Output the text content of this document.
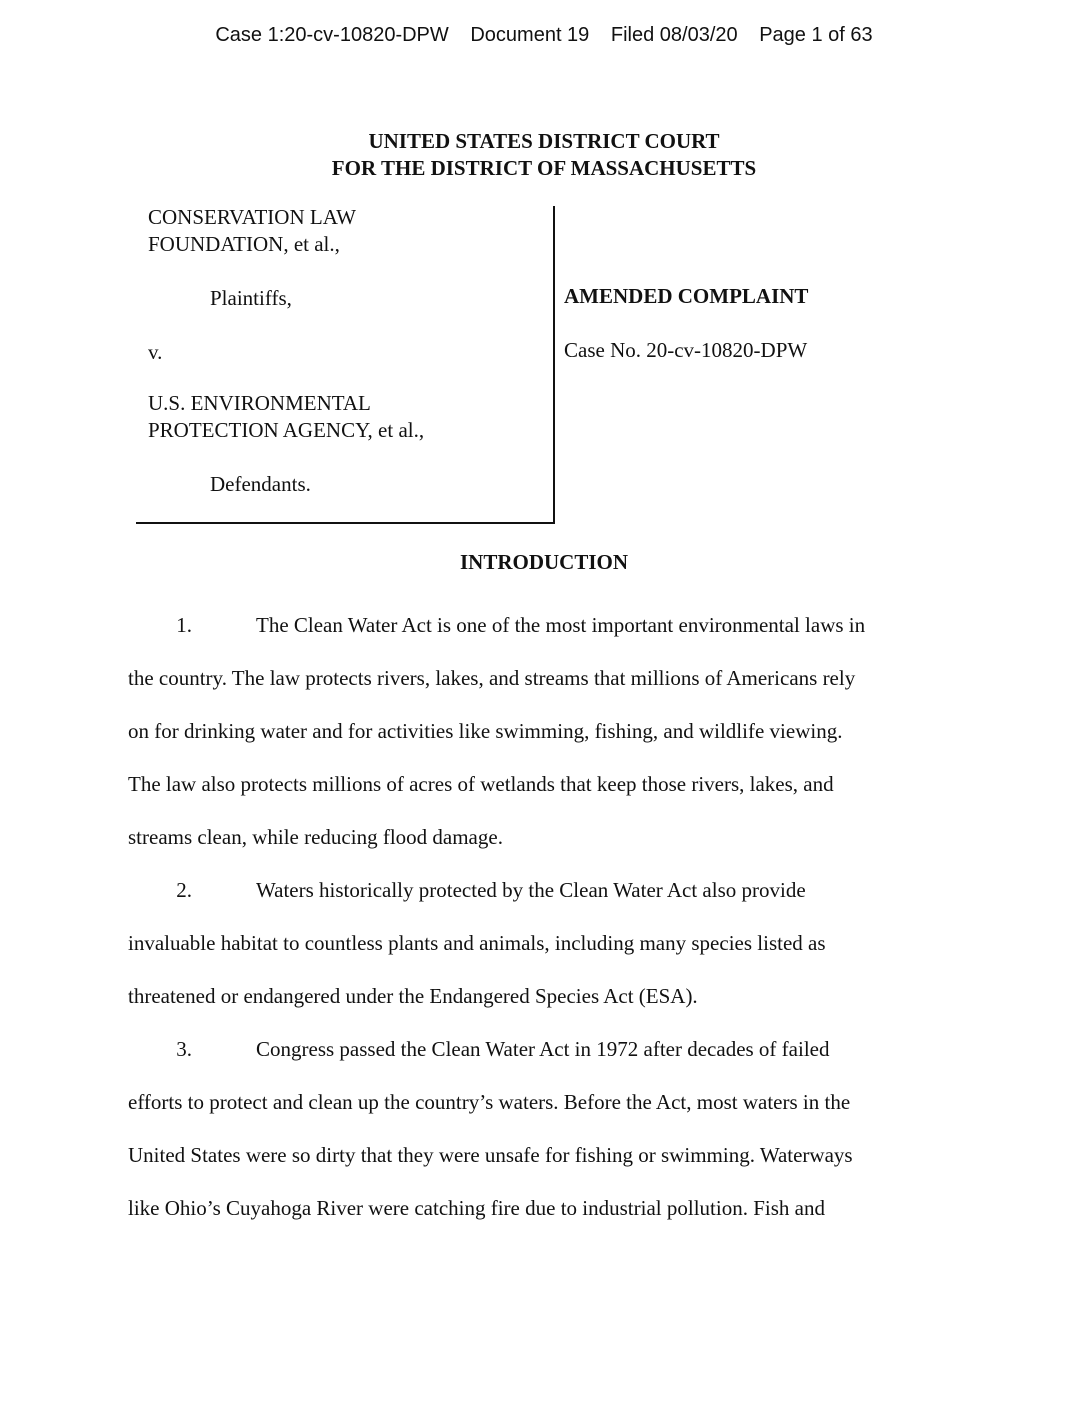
Case 1:20-cv-10820-DPW Document 19 Filed 08/03/20 Page 1 of 63
UNITED STATES DISTRICT COURT
FOR THE DISTRICT OF MASSACHUSETTS
CONSERVATION LAW
FOUNDATION, et al.,
Plaintiffs,
v.
U.S. ENVIRONMENTAL
PROTECTION AGENCY, et al.,
Defendants.
AMENDED COMPLAINT
Case No. 20-cv-10820-DPW
INTRODUCTION
1.	The Clean Water Act is one of the most important environmental laws in
the country. The law protects rivers, lakes, and streams that millions of Americans rely
on for drinking water and for activities like swimming, fishing, and wildlife viewing.
The law also protects millions of acres of wetlands that keep those rivers, lakes, and
streams clean, while reducing flood damage.
2.	Waters historically protected by the Clean Water Act also provide
invaluable habitat to countless plants and animals, including many species listed as
threatened or endangered under the Endangered Species Act (ESA).
3.	Congress passed the Clean Water Act in 1972 after decades of failed
efforts to protect and clean up the country’s waters. Before the Act, most waters in the
United States were so dirty that they were unsafe for fishing or swimming. Waterways
like Ohio’s Cuyahoga River were catching fire due to industrial pollution. Fish and
